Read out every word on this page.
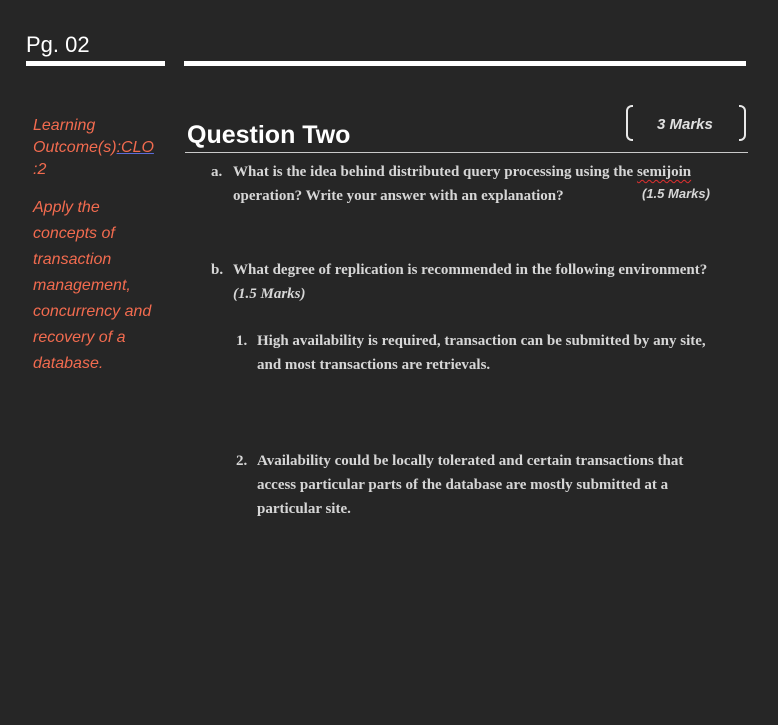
Pg. 02
Learning Outcome(s):CLO
:2
Apply the
concepts of
transaction
management,
concurrency and
recovery of a
database.
Question Two	3 Marks
a. What is the idea behind distributed query processing using the semijoin
operation? Write your answer with an explanation?	(1.5 Marks)
b. What degree of replication is recommended in the following environment?
(1.5 Marks)
1. High availability is required, transaction can be submitted by any site,
and most transactions are retrievals.
2. Availability could be locally tolerated and certain transactions that
access particular parts of the database are mostly submitted at a
particular site.
